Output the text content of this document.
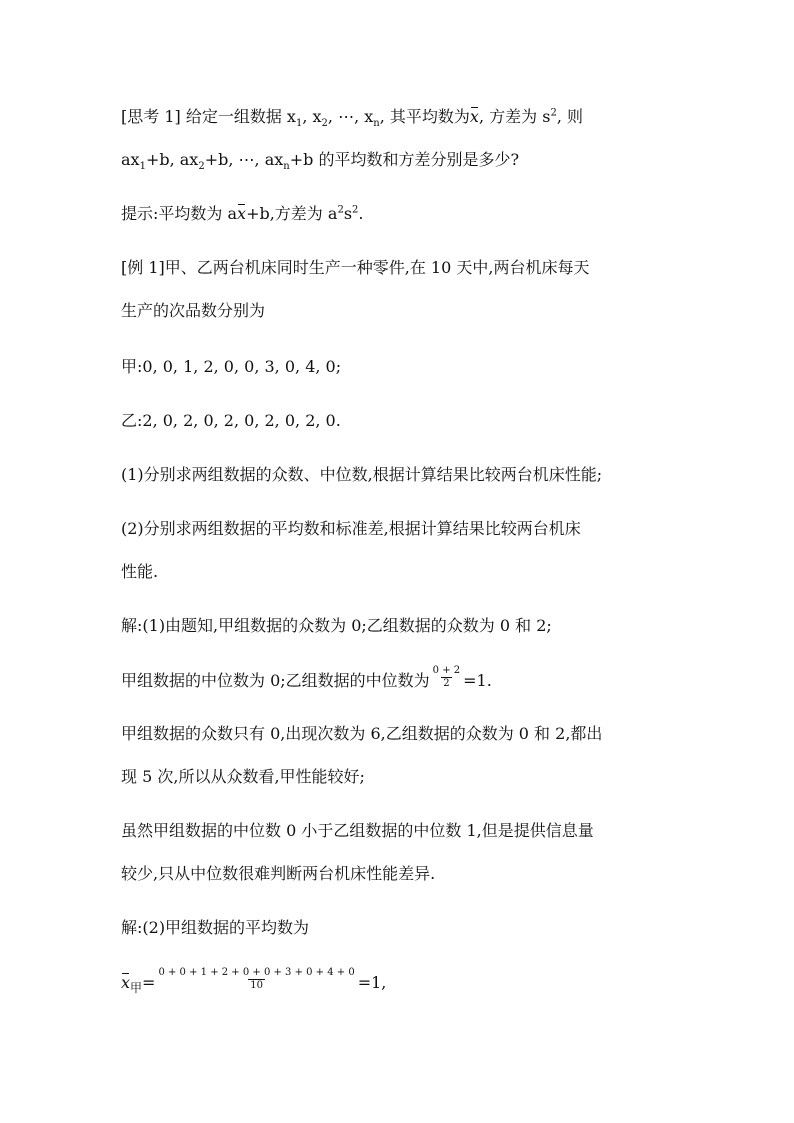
[思考 1] 给定一组数据 $x_1$, $x_2$, ⋯, $x_n$, 其平均数为x, 方差为 $s^2$, 则
$ax_1+b$, $ax_2+b$, ⋯, $ax_n+b$ 的平均数和方差分别是多少?
提示:平均数为 ax+b,方差为 $a^2s^2$.
[例 1]甲、乙两台机床同时生产一种零件,在 10 天中,两台机床每天
生产的次品数分别为
甲:0, 0, 1, 2, 0, 0, 3, 0, 4, 0;
乙:2, 0, 2, 0, 2, 0, 2, 0, 2, 0.
(1)分别求两组数据的众数、中位数,根据计算结果比较两台机床性能;
(2)分别求两组数据的平均数和标准差,根据计算结果比较两台机床
性能.
解:(1)由题知,甲组数据的众数为 0;乙组数据的众数为 0 和 2;
甲组数据的中位数为 0;乙组数据的中位数为 $\frac{0 + 2}{2} =1$.
甲组数据的众数只有 0,出现次数为 6,乙组数据的众数为 0 和 2,都出
现 5 次,所以从众数看,甲性能较好;
虽然甲组数据的中位数 0 小于乙组数据的中位数 1,但是提供信息量
较少,只从中位数很难判断两台机床性能差异.
解:(2)甲组数据的平均数为
$x_甲= \frac{0 + 0 + 1 + 2 + 0 + 0 + 3 + 0 + 4 + 0}{10} =1$,
